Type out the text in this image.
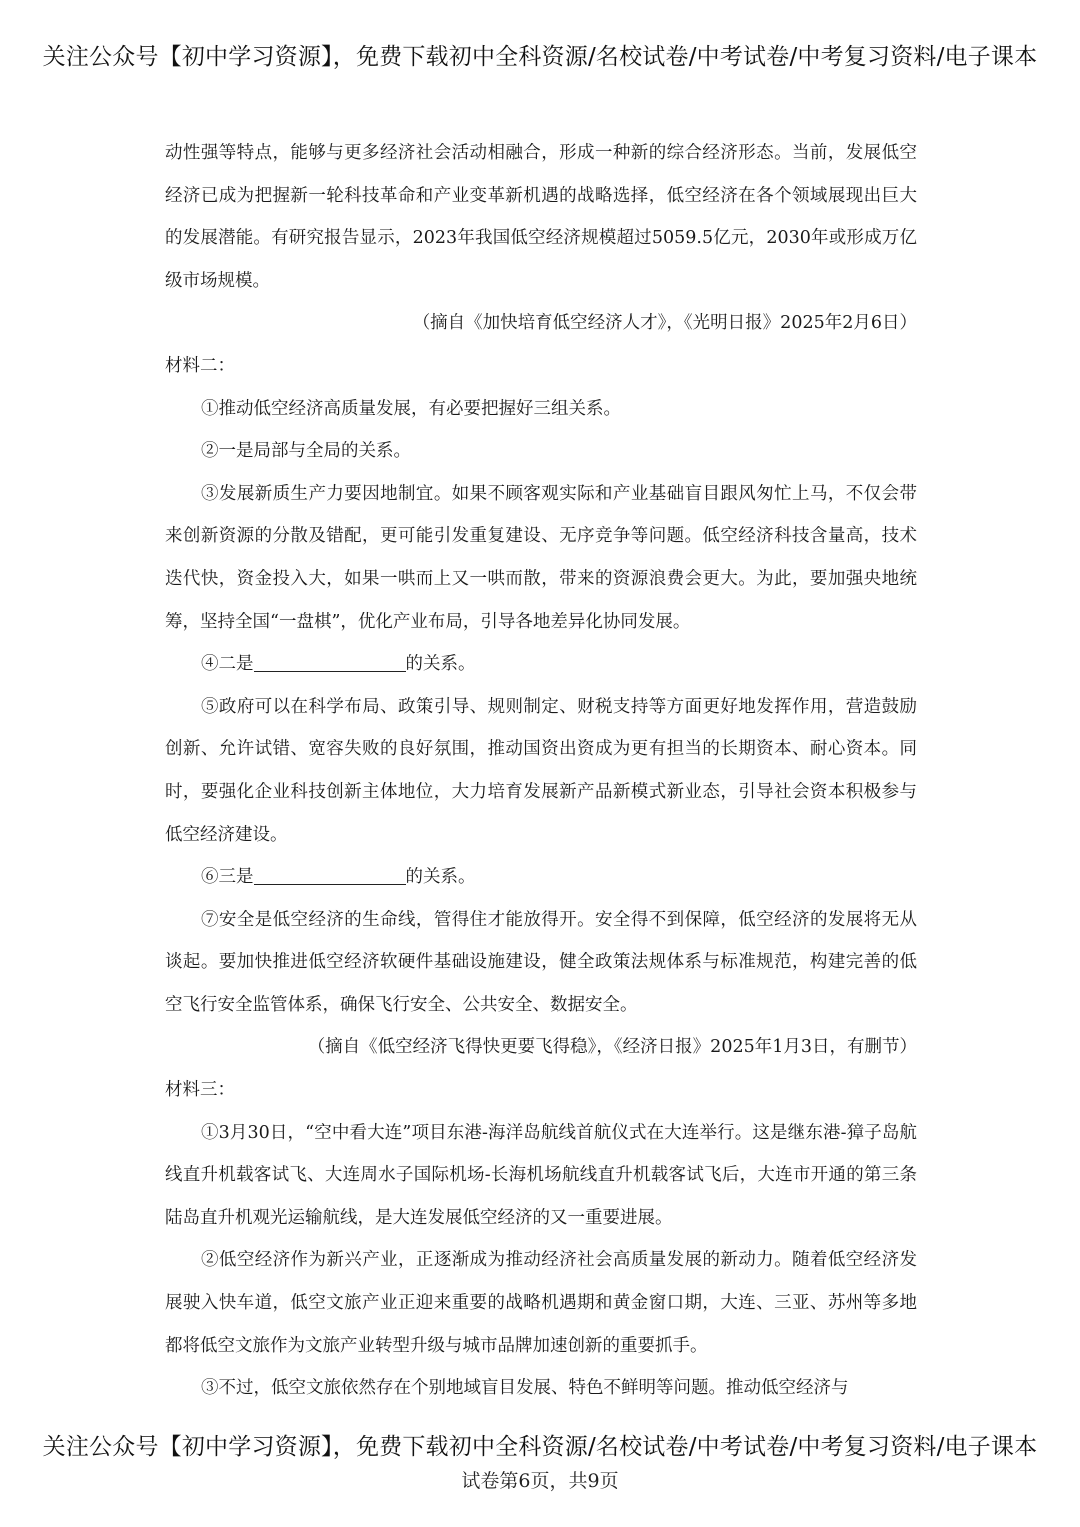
关注公众号【初中学习资源】，免费下载初中全科资源/名校试卷/中考试卷/中考复习资料/电子课本

动性强等特点，能够与更多经济社会活动相融合，形成一种新的综合经济形态。当前，发展低空经济已成为把握新一轮科技革命和产业变革新机遇的战略选择，低空经济在各个领域展现出巨大的发展潜能。有研究报告显示，2023年我国低空经济规模超过5059.5亿元，2030年或形成万亿级市场规模。

（摘自《加快培育低空经济人才》，《光明日报》2025年2月6日）

材料二：

①推动低空经济高质量发展，有必要把握好三组关系。

②一是局部与全局的关系。

③发展新质生产力要因地制宜。如果不顾客观实际和产业基础盲目跟风匆忙上马，不仅会带来创新资源的分散及错配，更可能引发重复建设、无序竞争等问题。低空经济科技含量高，技术迭代快，资金投入大，如果一哄而上又一哄而散，带来的资源浪费会更大。为此，要加强央地统筹，坚持全国“一盘棋”，优化产业布局，引导各地差异化协同发展。

④二是	的关系。

⑤政府可以在科学布局、政策引导、规则制定、财税支持等方面更好地发挥作用，营造鼓励创新、允许试错、宽容失败的良好氛围，推动国资出资成为更有担当的长期资本、耐心资本。同时，要强化企业科技创新主体地位，大力培育发展新产品新模式新业态，引导社会资本积极参与低空经济建设。

⑥三是	的关系。

⑦安全是低空经济的生命线，管得住才能放得开。安全得不到保障，低空经济的发展将无从谈起。要加快推进低空经济软硬件基础设施建设，健全政策法规体系与标准规范，构建完善的低空飞行安全监管体系，确保飞行安全、公共安全、数据安全。

（摘自《低空经济飞得快更要飞得稳》，《经济日报》2025年1月3日，有删节）

材料三：

①3月30日，“空中看大连”项目东港-海洋岛航线首航仪式在大连举行。这是继东港-獐子岛航线直升机载客试飞、大连周水子国际机场-长海机场航线直升机载客试飞后，大连市开通的第三条陆岛直升机观光运输航线，是大连发展低空经济的又一重要进展。

②低空经济作为新兴产业，正逐渐成为推动经济社会高质量发展的新动力。随着低空经济发展驶入快车道，低空文旅产业正迎来重要的战略机遇期和黄金窗口期，大连、三亚、苏州等多地都将低空文旅作为文旅产业转型升级与城市品牌加速创新的重要抓手。

③不过，低空文旅依然存在个别地域盲目发展、特色不鲜明等问题。推动低空经济与

关注公众号【初中学习资源】，免费下载初中全科资源/名校试卷/中考试卷/中考复习资料/电子课本
试卷第6页，共9页
